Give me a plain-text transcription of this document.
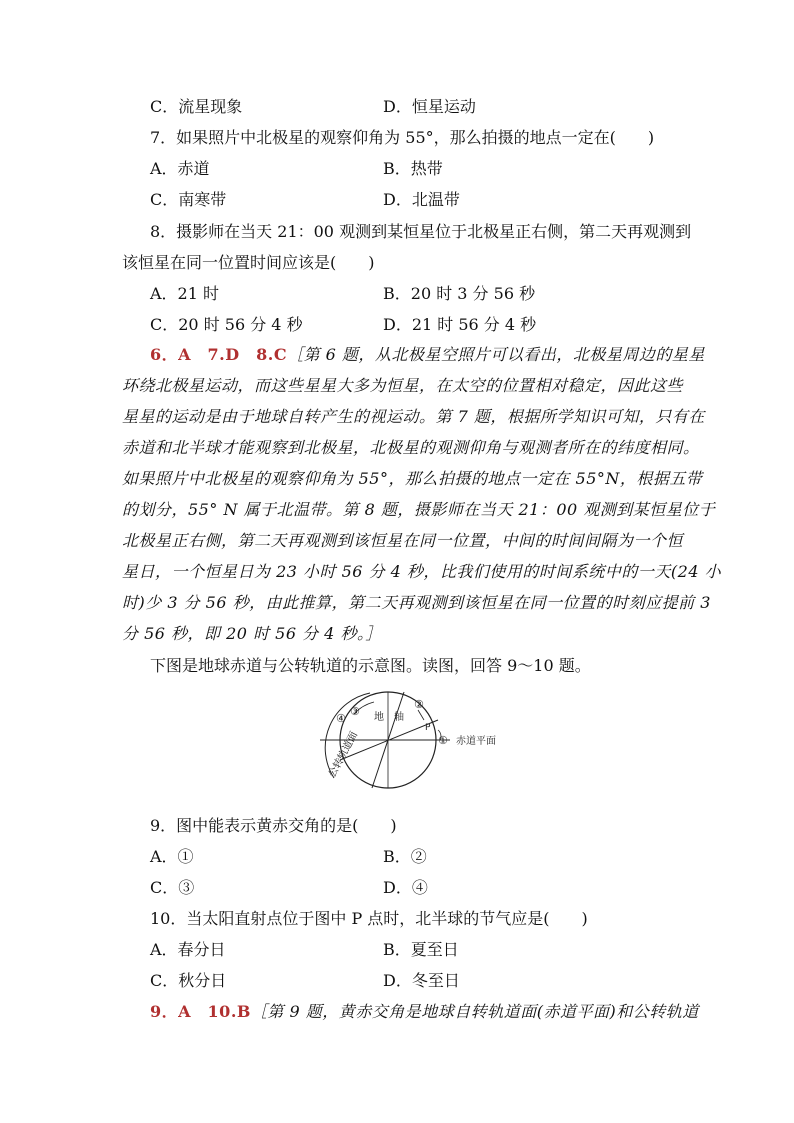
C．流星现象	D．恒星运动
7．如果照片中北极星的观察仰角为 55°，那么拍摄的地点一定在(　　)
A．赤道	B．热带
C．南寒带	D．北温带
8．摄影师在当天 21：00 观测到某恒星位于北极星正右侧，第二天再观测到
该恒星在同一位置时间应该是(　　)
A．21 时	B．20 时 3 分 56 秒
C．20 时 56 分 4 秒	D．21 时 56 分 4 秒
6．A　7.D　8.C［第 6 题，从北极星空照片可以看出，北极星周边的星星
环绕北极星运动，而这些星星大多为恒星，在太空的位置相对稳定，因此这些
星星的运动是由于地球自转产生的视运动。第 7 题，根据所学知识可知，只有在
赤道和北半球才能观察到北极星，北极星的观测仰角与观测者所在的纬度相同。
如果照片中北极星的观察仰角为 55°，那么拍摄的地点一定在 55°N，根据五带
的划分，55° N 属于北温带。第 8 题，摄影师在当天 21：00 观测到某恒星位于
北极星正右侧，第二天再观测到该恒星在同一位置，中间的时间间隔为一个恒
星日，一个恒星日为 23 小时 56 分 4 秒，比我们使用的时间系统中的一天(24 小
时)少 3 分 56 秒，由此推算，第二天再观测到该恒星在同一位置的时刻应提前 3
分 56 秒，即 20 时 56 分 4 秒。］
下图是地球赤道与公转轨道的示意图。读图，回答 9～10 题。
④
③ 地　轴
②
P
① 赤道平面
公转轨道面
9．图中能表示黄赤交角的是(　　)
A．①	B．②
C．③	D．④
10．当太阳直射点位于图中 P 点时，北半球的节气应是(　　)
A．春分日	B．夏至日
C．秋分日	D．冬至日
9．A　10.B［第 9 题，黄赤交角是地球自转轨道面(赤道平面)和公转轨道
